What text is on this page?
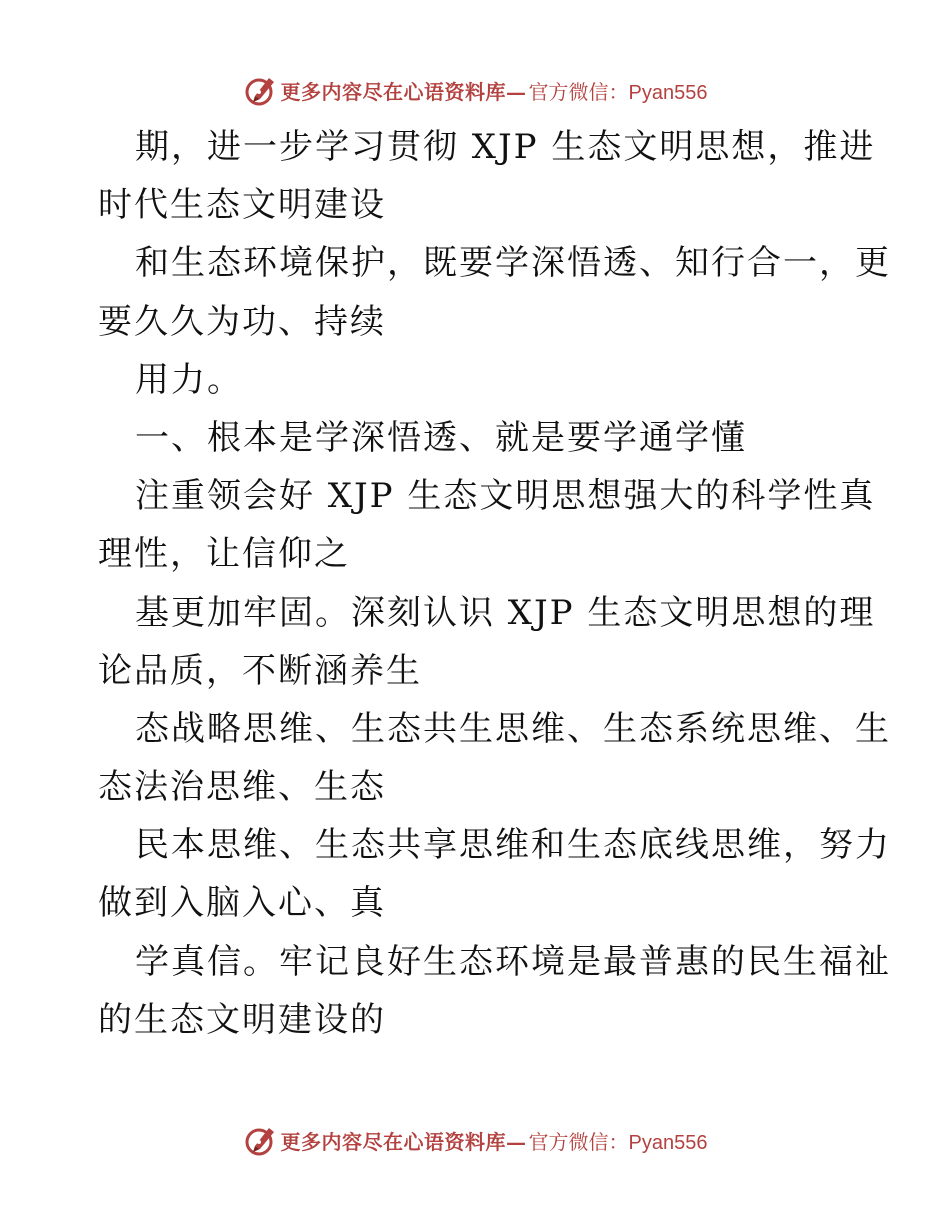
更多内容尽在心语资料库— 官方微信：Pyan556
期，进一步学习贯彻 XJP 生态文明思想，推进
时代生态文明建设
和生态环境保护，既要学深悟透、知行合一，更
要久久为功、持续
用力。
一、根本是学深悟透、就是要学通学懂
注重领会好 XJP 生态文明思想强大的科学性真
理性，让信仰之
基更加牢固。深刻认识 XJP 生态文明思想的理
论品质，不断涵养生
态战略思维、生态共生思维、生态系统思维、生
态法治思维、生态
民本思维、生态共享思维和生态底线思维，努力
做到入脑入心、真
学真信。牢记良好生态环境是最普惠的民生福祉
的生态文明建设的
更多内容尽在心语资料库— 官方微信：Pyan556
